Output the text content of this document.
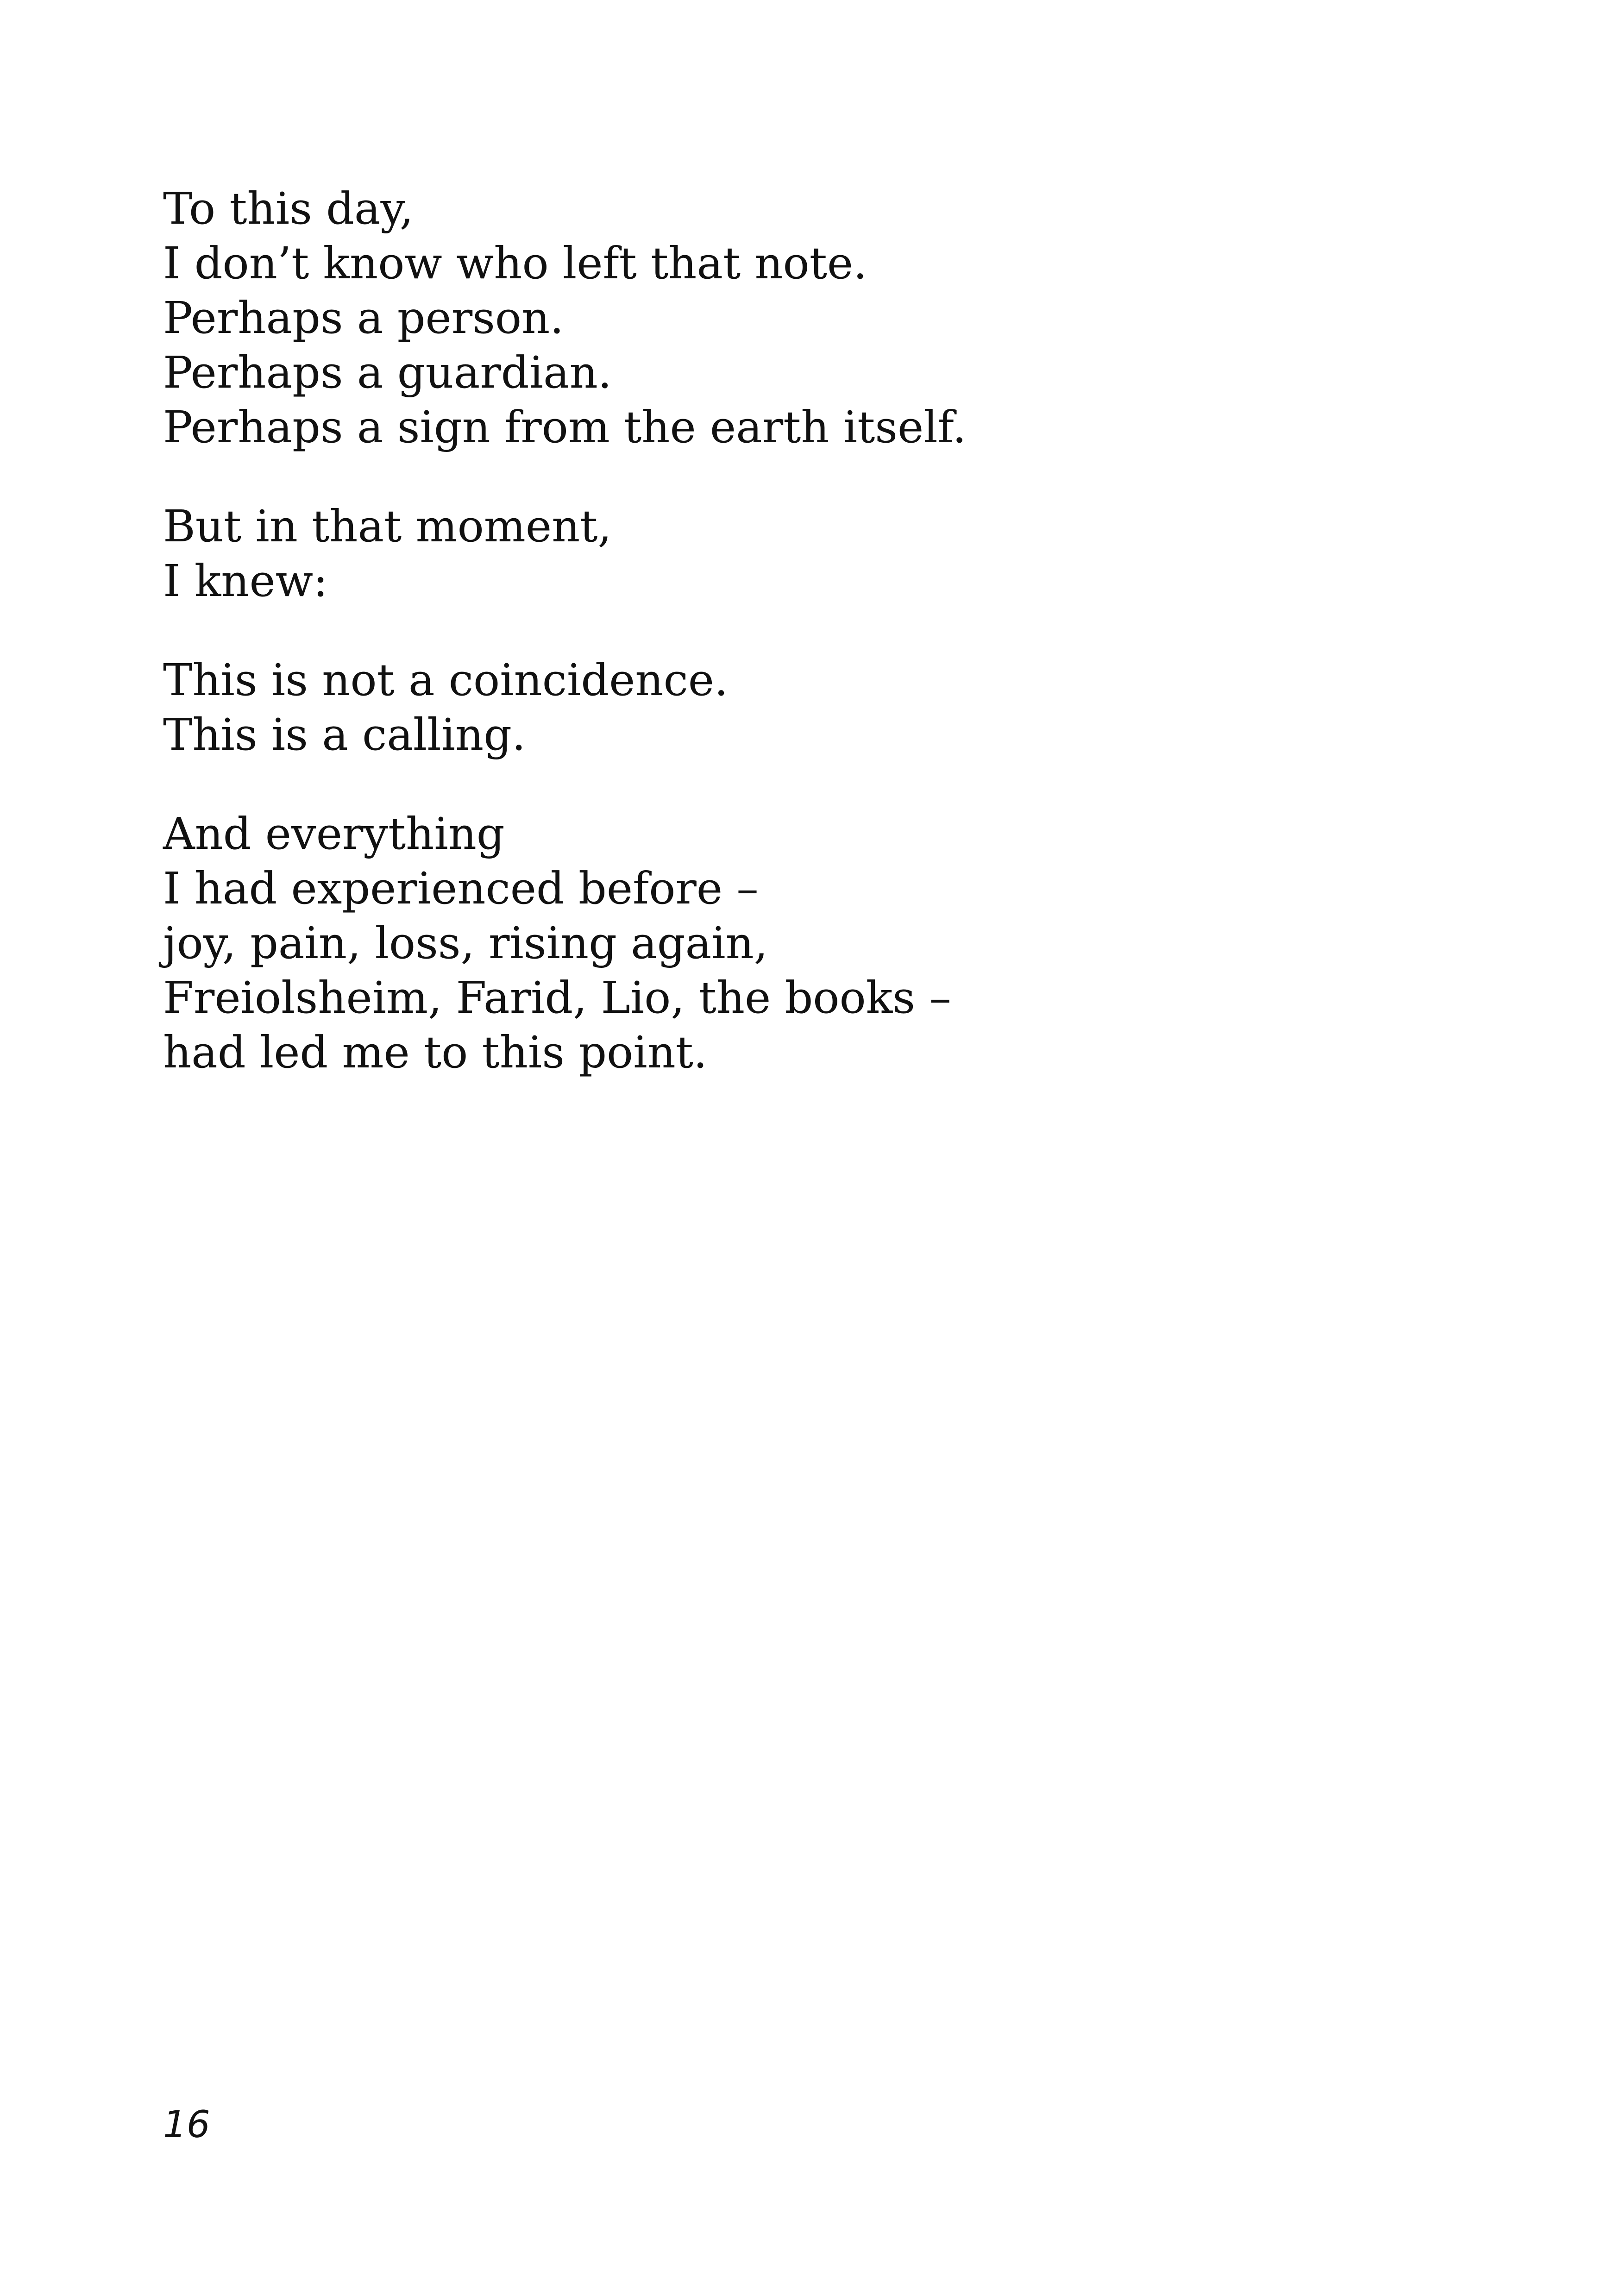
To this day,
I don’t know who left that note.
Perhaps a person.
Perhaps a guardian.
Perhaps a sign from the earth itself.
But in that moment,
I knew:
This is not a coincidence.
This is a calling.
And everything
I had experienced before –
joy, pain, loss, rising again,
Freiolsheim, Farid, Lio, the books –
had led me to this point.
16
